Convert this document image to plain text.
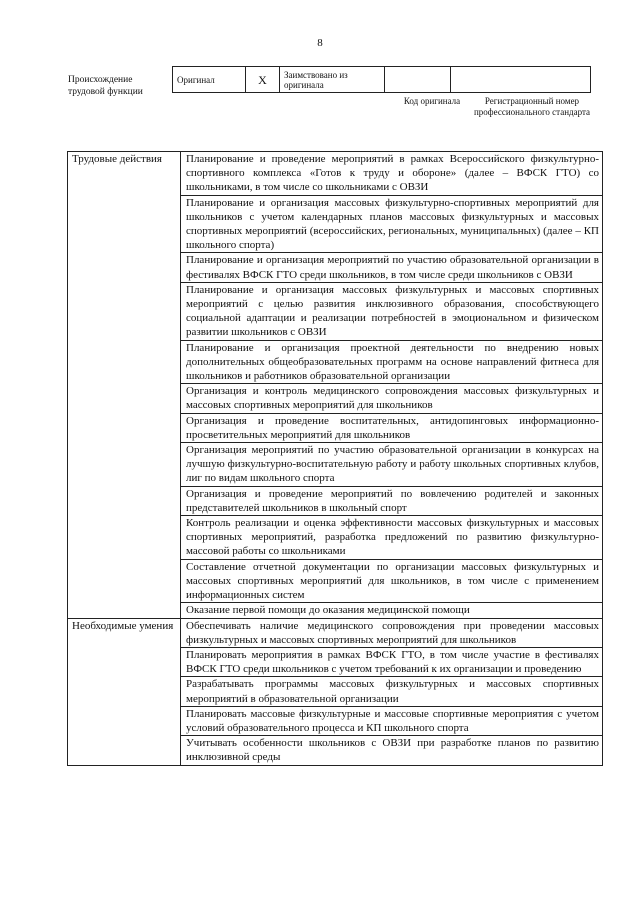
8
Происхождение трудовой функции
Оригинал	X	Заимствовано из оригинала		
Код оригинала	Регистрационный номер профессионального стандарта
Трудовые действия	Планирование и проведение мероприятий в рамках Всероссийского физкультурно-спортивного комплекса «Готов к труду и обороне» (далее – ВФСК ГТО) со школьниками, в том числе со школьниками с ОВЗИ
	Планирование и организация массовых физкультурно-спортивных мероприятий для школьников с учетом календарных планов массовых физкультурных и массовых спортивных мероприятий (всероссийских, региональных, муниципальных) (далее – КП школьного спорта)
	Планирование и организация мероприятий по участию образовательной организации в фестивалях ВФСК ГТО среди школьников, в том числе среди школьников с ОВЗИ
	Планирование и организация массовых физкультурных и массовых спортивных мероприятий с целью развития инклюзивного образования, способствующего социальной адаптации и реализации потребностей в эмоциональном и физическом развитии школьников с ОВЗИ
	Планирование и организация проектной деятельности по внедрению новых дополнительных общеобразовательных программ на основе направлений фитнеса для школьников и работников образовательной организации
	Организация и контроль медицинского сопровождения массовых физкультурных и массовых спортивных мероприятий для школьников
	Организация и проведение воспитательных, антидопинговых информационно-просветительных мероприятий для школьников
	Организация мероприятий по участию образовательной организации в конкурсах на лучшую физкультурно-воспитательную работу и работу школьных спортивных клубов, лиг по видам школьного спорта
	Организация и проведение мероприятий по вовлечению родителей и законных представителей школьников в школьный спорт
	Контроль реализации и оценка эффективности массовых физкультурных и массовых спортивных мероприятий, разработка предложений по развитию физкультурно-массовой работы со школьниками
	Составление отчетной документации по организации массовых физкультурных и массовых спортивных мероприятий для школьников, в том числе с применением информационных систем
	Оказание первой помощи до оказания медицинской помощи

Необходимые умения	Обеспечивать наличие медицинского сопровождения при проведении массовых физкультурных и массовых спортивных мероприятий для школьников
	Планировать мероприятия в рамках ВФСК ГТО, в том числе участие в фестивалях ВФСК ГТО среди школьников с учетом требований к их организации и проведению
	Разрабатывать программы массовых физкультурных и массовых спортивных мероприятий в образовательной организации
	Планировать массовые физкультурные и массовые спортивные мероприятия с учетом условий образовательного процесса и КП школьного спорта
	Учитывать особенности школьников с ОВЗИ при разработке планов по развитию инклюзивной среды
